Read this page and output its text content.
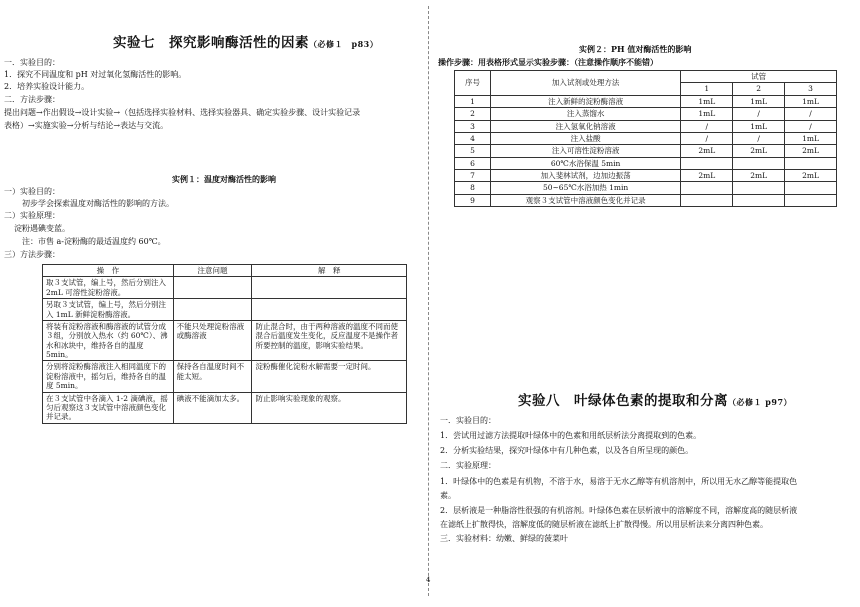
实验七　探究影响酶活性的因素（必修１　p83）
一．实验目的：
1．探究不同温度和 pH 对过氧化氢酶活性的影响。
2．培养实验设计能力。
二．方法步骤：
提出问题→作出假设→设计实验→（包括选择实验材料、选择实验器具、确定实验步骤、设计实验记录
表格）→实施实验→分析与结论→表达与交流。
实例１：温度对酶活性的影响
一）实验目的：
初步学会探索温度对酶活性的影响的方法。
二）实验原理：
淀粉遇碘变蓝。
注：市售 a-淀粉酶的最适温度约 60℃。
三）方法步骤：
操　作	注意问题	解　释
取３支试管，编上号，然后分别注入 2mL 可溶性淀粉溶液。		
另取３支试管，编上号，然后分别注入 1mL 新鲜淀粉酶溶液。		
将装有淀粉溶液和酶溶液的试管分成３组，分别放入热水（约 60℃）、沸水和冰块中，维持各自的温度 5min。	不能只处理淀粉溶液或酶溶液	防止混合时，由于两种溶液的温度不同而使混合后温度发生变化，反应温度不是操作者所要控制的温度，影响实验结果。
分别将淀粉酶溶液注入相同温度下的淀粉溶液中，摇匀后，维持各自的温度 5min。	保持各自温度时间不能太短。	淀粉酶催化淀粉水解需要一定时间。
在３支试管中各滴入 1-2 滴碘液，摇匀后观察这３支试管中溶液颜色变化并记录。	碘液不能滴加太多。	防止影响实验现象的观察。
实例２：PH 值对酶活性的影响
操作步骤：用表格形式显示实验步骤：（注意操作顺序不能错）
序号	加入试剂或处理方法	试管		
		1	2	3
1	注入新鲜的淀粉酶溶液	1mL	1mL	1mL
2	注入蒸馏水	1mL	/	/
3	注入氢氧化钠溶液	/	1mL	/
4	注入盐酸	/	/	1mL
5	注入可溶性淀粉溶液	2mL	2mL	2mL
6	60℃水浴保温 5min			
7	加入斐林试剂，边加边振荡	2mL	2mL	2mL
8	50~65℃水浴加热 1min			
9	观察３支试管中溶液颜色变化并记录			
实验八　叶绿体色素的提取和分离（必修１ p97）
一．实验目的：
1．尝试用过滤方法提取叶绿体中的色素和用纸层析法分离提取到的色素。
2．分析实验结果，探究叶绿体中有几种色素，以及各自所呈现的颜色。
二．实验原理：
1．叶绿体中的色素是有机物，不溶于水，易溶于无水乙醇等有机溶剂中，所以用无水乙醇等能提取色
素。
2．层析液是一种脂溶性很强的有机溶剂。叶绿体色素在层析液中的溶解度不同，溶解度高的随层析液
在滤纸上扩散得快，溶解度低的随层析液在滤纸上扩散得慢。所以用层析法来分离四种色素。
三．实验材料：幼嫩、鲜绿的菠菜叶
4
